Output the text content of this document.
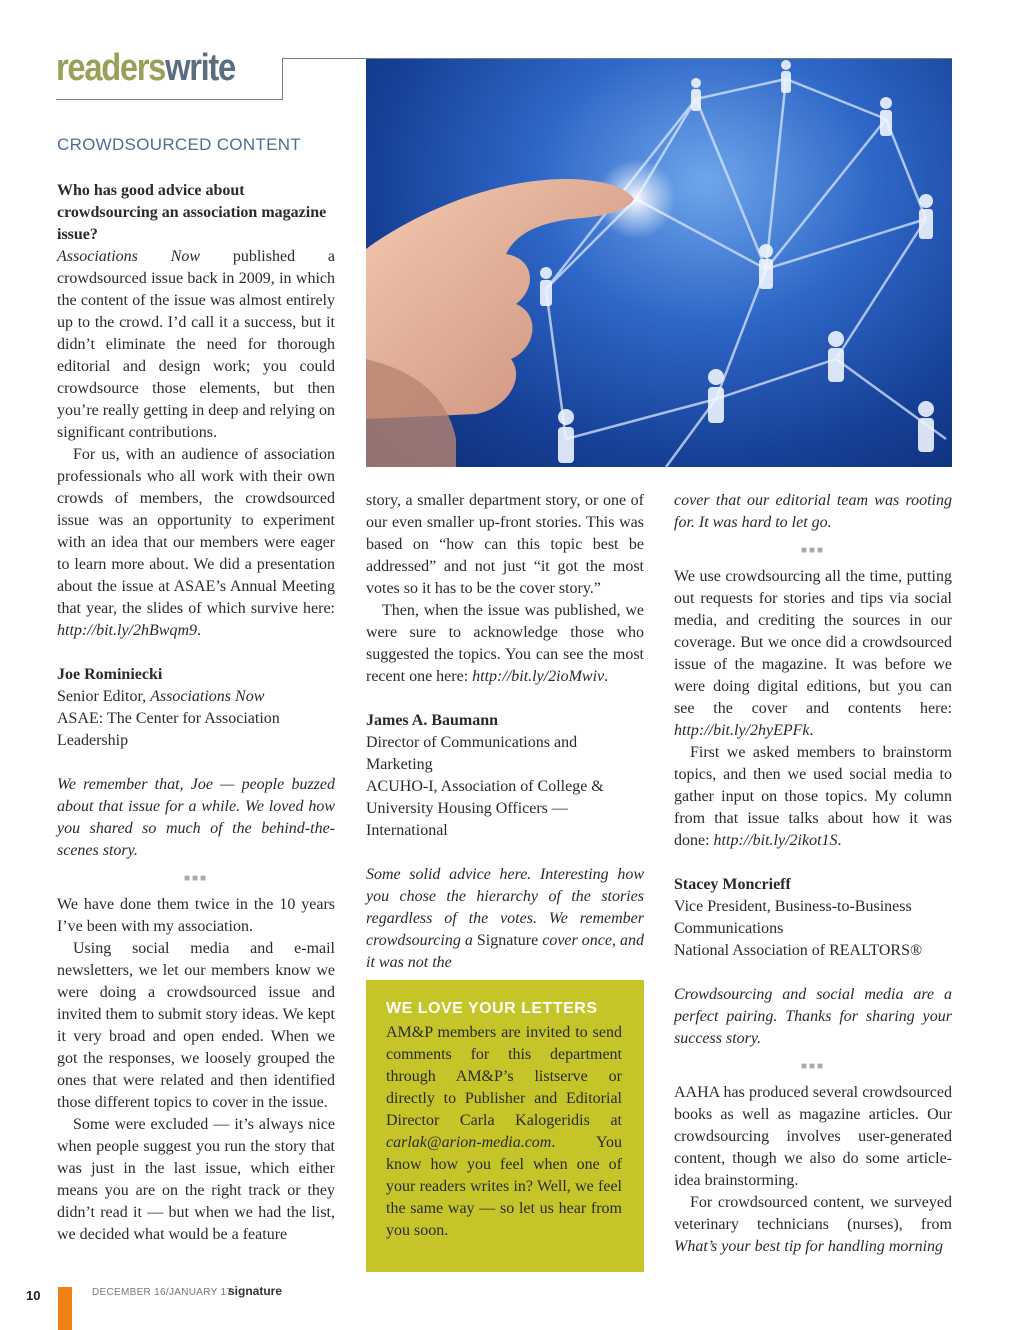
readerswrite
CROWDSOURCED CONTENT
Who has good advice about crowdsourcing an association magazine issue?

Associations Now published a crowdsourced issue back in 2009, in which the content of the issue was almost entirely up to the crowd. I’d call it a success, but it didn’t eliminate the need for thorough editorial and design work; you could crowdsource those elements, but then you’re really getting in deep and relying on significant contributions.

For us, with an audience of association professionals who all work with their own crowds of members, the crowdsourced issue was an opportunity to experiment with an idea that our members were eager to learn more about. We did a presentation about the issue at ASAE’s Annual Meeting that year, the slides of which survive here: http://bit.ly/2hBwqm9.

Joe Rominiecki

Senior Editor, Associations Now

ASAE: The Center for Association Leadership

We remember that, Joe — people buzzed about that issue for a while. We loved how you shared so much of the behind-the-scenes story.

■■■

We have done them twice in the 10 years I’ve been with my association.

Using social media and e-mail newsletters, we let our members know we were doing a crowdsourced issue and invited them to submit story ideas. We kept it very broad and open ended. When we got the responses, we loosely grouped the ones that were related and then identified those different topics to cover in the issue.

Some were excluded — it’s always nice when people suggest you run the story that was just in the last issue, which either means you are on the right track or they didn’t read it — but when we had the list, we decided what would be a feature

story, a smaller department story, or one of our even smaller up-front stories. This was based on “how can this topic best be addressed” and not just “it got the most votes so it has to be the cover story.”

Then, when the issue was published, we were sure to acknowledge those who suggested the topics. You can see the most recent one here: http://bit.ly/2ioMwiv.

James A. Baumann

Director of Communications and Marketing

ACUHO-I, Association of College & University Housing Officers — International

Some solid advice here. Interesting how you chose the hierarchy of the stories regardless of the votes. We remember crowdsourcing a Signature cover once, and it was not the

WE LOVE YOUR LETTERS

AM&P members are invited to send comments for this department through AM&P’s listserve or directly to Publisher and Editorial Director Carla Kalogeridis at carlak@arion-media.com. You know how you feel when one of your readers writes in? Well, we feel the same way — so let us hear from you soon.

cover that our editorial team was rooting for. It was hard to let go.

■■■

We use crowdsourcing all the time, putting out requests for stories and tips via social media, and crediting the sources in our coverage. But we once did a crowdsourced issue of the magazine. It was before we were doing digital editions, but you can see the cover and contents here: http://bit.ly/2hyEPFk.

First we asked members to brainstorm topics, and then we used social media to gather input on those topics. My column from that issue talks about how it was done: http://bit.ly/2ikot1S.

Stacey Moncrieff

Vice President, Business-to-Business Communications

National Association of REALTORS®

Crowdsourcing and social media are a perfect pairing. Thanks for sharing your success story.

■■■

AAHA has produced several crowdsourced books as well as magazine articles. Our crowdsourcing involves user-generated content, though we also do some article-idea brainstorming.

For crowdsourced content, we surveyed veterinary technicians (nurses), from What’s your best tip for handling morning

10	DECEMBER 16/JANUARY 17
signature
